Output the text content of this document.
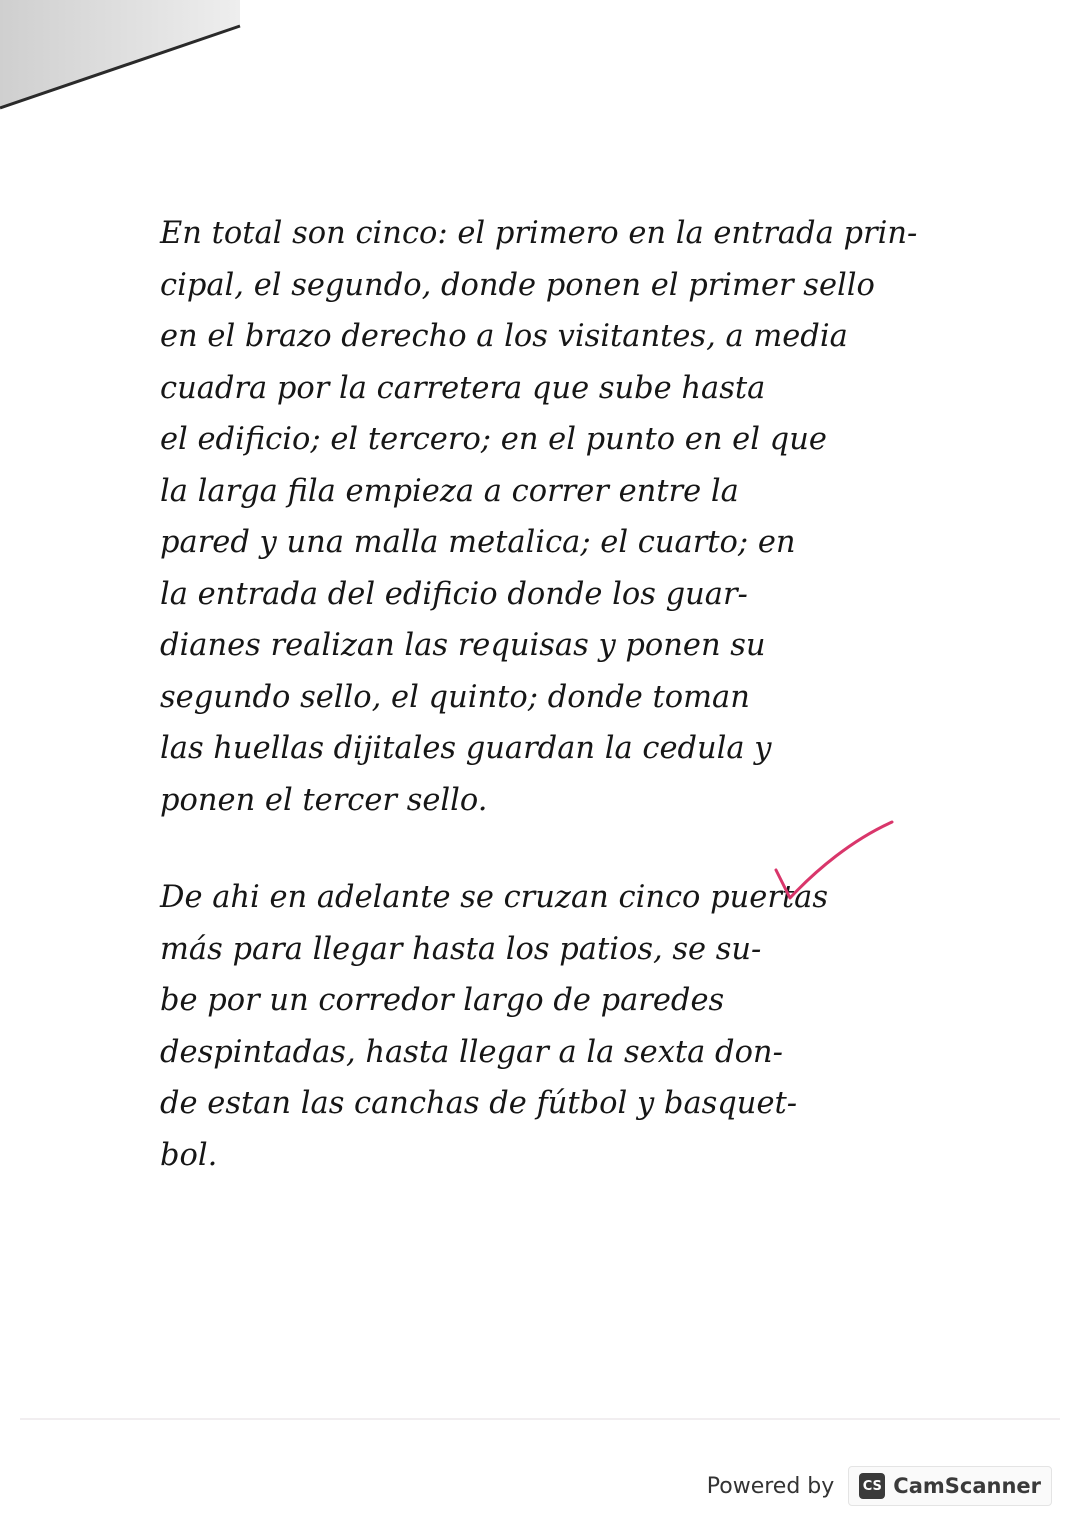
En total son cinco: el primero en la entrada prin-
cipal, el segundo, donde ponen el primer sello
en el brazo derecho a los visitantes, a media
cuadra por la carretera que sube hasta
el edificio; el tercero; en el punto en el que
la larga fila empieza a correr entre la
pared y una malla metalica; el cuarto; en
la entrada del edificio donde los guar-
dianes realizan las requisas y ponen su
segundo sello, el quinto; donde toman
las huellas dijitales guardan la cedula y
ponen el tercer sello.
De ahi en adelante se cruzan cinco puertas
más para llegar hasta los patios, se su-
be por un corredor largo de paredes
despintadas, hasta llegar a la sexta don-
de estan las canchas de fútbol y basquet-
bol.
Powered by CS CamScanner
